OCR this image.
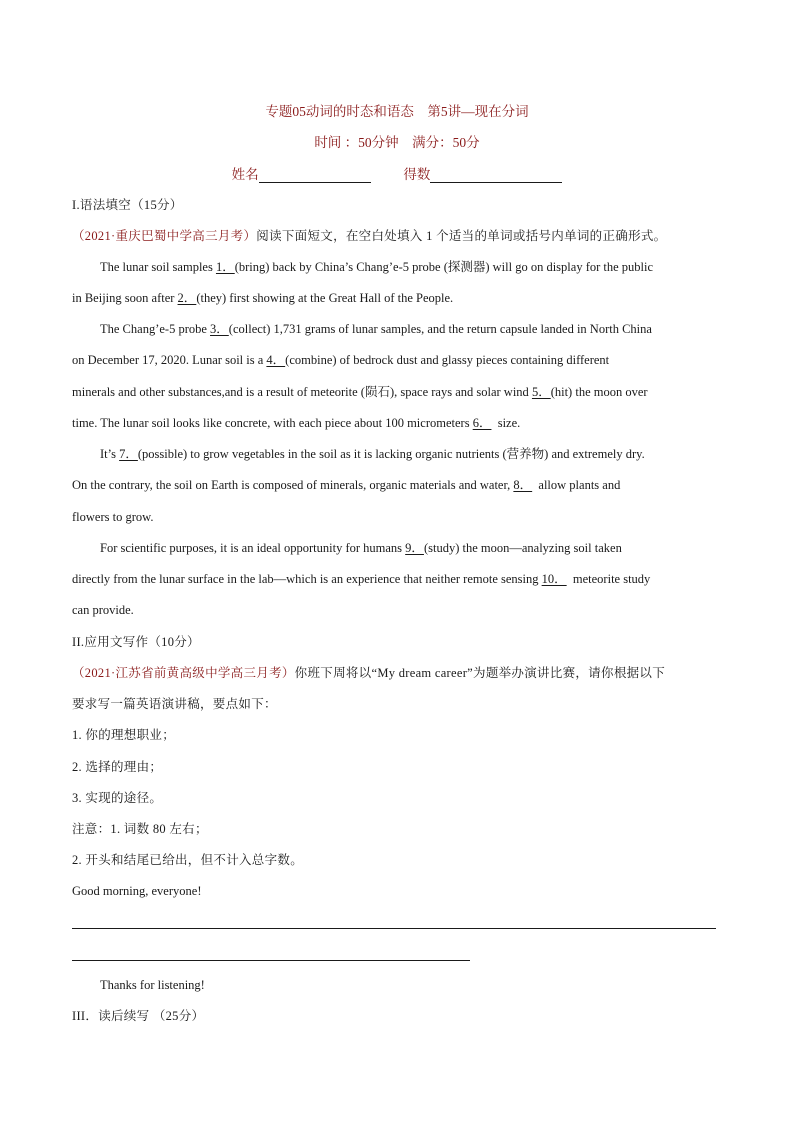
专题05动词的时态和语态　第5讲—现在分词
时间 ：50分钟　满分：50分
姓名	得数
I.语法填空（15分）
（2021·重庆巴蜀中学高三月考）阅读下面短文，在空白处填入 1 个适当的单词或括号内单词的正确形式。
The lunar soil samples 1．(bring) back by China’s Chang’e-5 probe (探测器) will go on display for the public
in Beijing soon after 2．(they) first showing at the Great Hall of the People.
The Chang’e-5 probe 3．(collect) 1,731 grams of lunar samples, and the return capsule landed in North China
on December 17, 2020. Lunar soil is a 4．(combine) of bedrock dust and glassy pieces containing different
minerals and other substances,and is a result of meteorite (陨石), space rays and solar wind 5．(hit) the moon over
time. The lunar soil looks like concrete, with each piece about 100 micrometers 6． size.
It’s 7．(possible) to grow vegetables in the soil as it is lacking organic nutrients (营养物) and extremely dry.
On the contrary, the soil on Earth is composed of minerals, organic materials and water, 8． allow plants and
flowers to grow.
For scientific purposes, it is an ideal opportunity for humans 9．(study) the moon—analyzing soil taken
directly from the lunar surface in the lab—which is an experience that neither remote sensing 10． meteorite study
can provide.
II.应用文写作（10分）
（2021·江苏省前黄高级中学高三月考）你班下周将以“My dream career”为题举办演讲比赛，请你根据以下
要求写一篇英语演讲稿，要点如下：
1. 你的理想职业；
2. 选择的理由；
3. 实现的途径。
注意：1. 词数 80 左右；
2. 开头和结尾已给出，但不计入总字数。
Good morning, everyone!
Thanks for listening!
III．读后续写 （25分）
